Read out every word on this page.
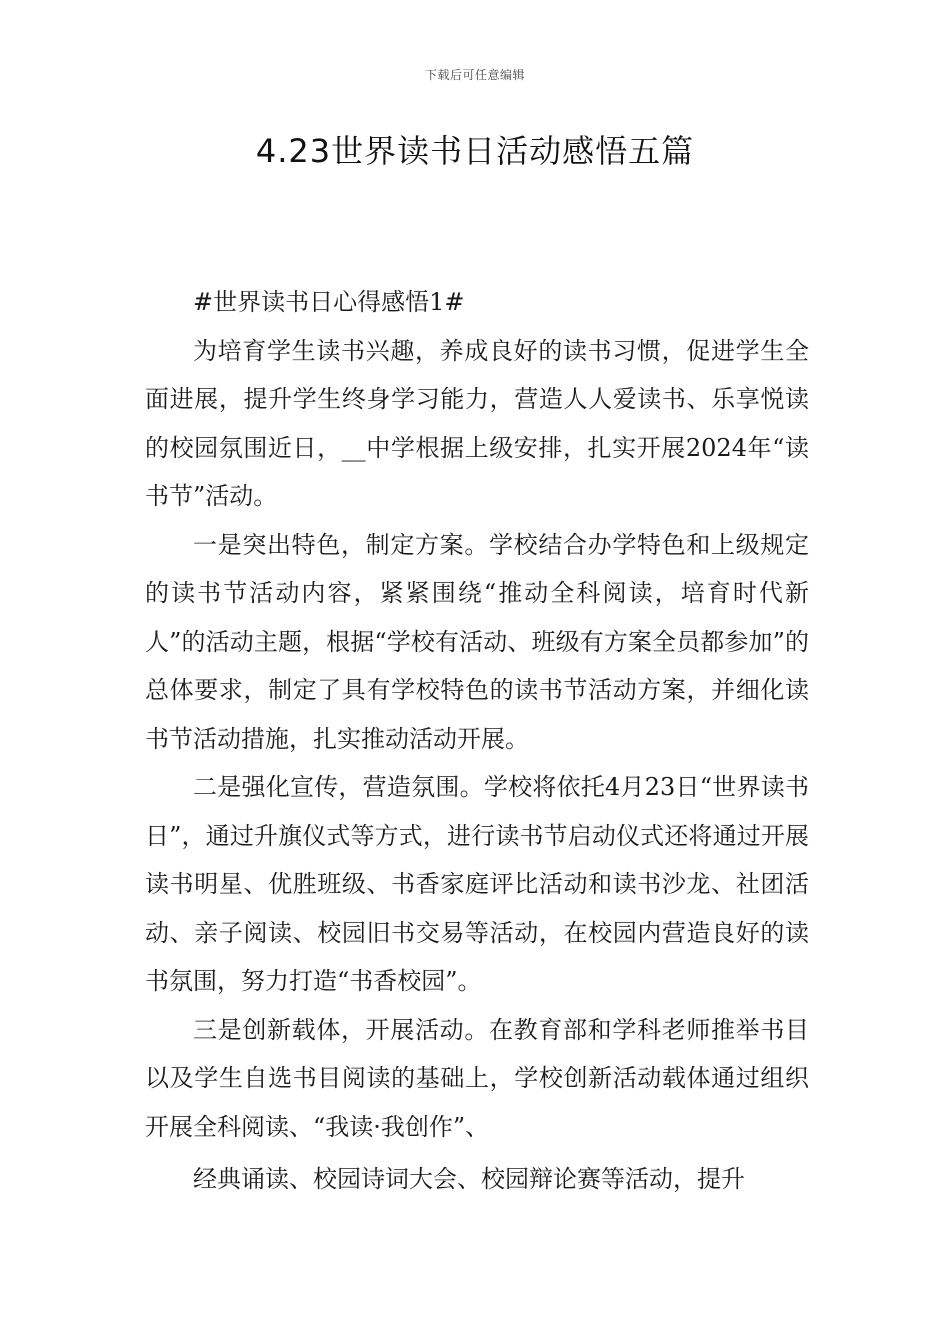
下载后可任意编辑
4.23世界读书日活动感悟五篇

#世界读书日心得感悟1#

为培育学生读书兴趣，养成良好的读书习惯，促进学生全面进展，提升学生终身学习能力，营造人人爱读书、乐享悦读的校园氛围近日，__中学根据上级安排，扎实开展2024年“读书节”活动。

一是突出特色，制定方案。学校结合办学特色和上级规定的读书节活动内容，紧紧围绕“推动全科阅读，培育时代新人”的活动主题，根据“学校有活动、班级有方案全员都参加”的总体要求，制定了具有学校特色的读书节活动方案，并细化读书节活动措施，扎实推动活动开展。

二是强化宣传，营造氛围。学校将依托4月23日“世界读书日”，通过升旗仪式等方式，进行读书节启动仪式还将通过开展读书明星、优胜班级、书香家庭评比活动和读书沙龙、社团活动、亲子阅读、校园旧书交易等活动，在校园内营造良好的读书氛围，努力打造“书香校园”。

三是创新载体，开展活动。在教育部和学科老师推举书目以及学生自选书目阅读的基础上，学校创新活动载体通过组织开展全科阅读、“我读·我创作”、

经典诵读、校园诗词大会、校园辩论赛等活动，提升
